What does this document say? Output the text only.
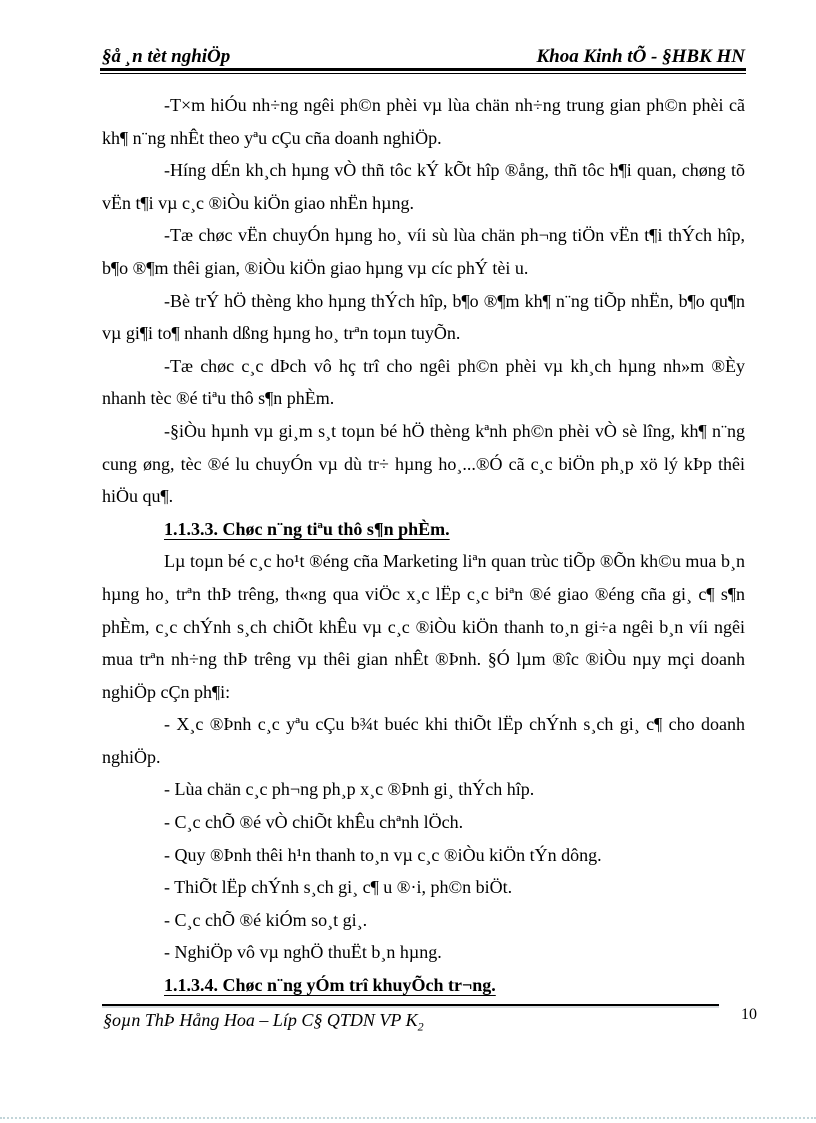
§å ¸n tèt nghiÖp	Khoa Kinh tÕ - §HBK HN

-T×m hiÓu nh÷ng ngêi ph©n phèi vµ lùa chän nh÷ng trung gian ph©n phèi cã kh¶ n¨ng nhÊt theo yªu cÇu cña doanh nghiÖp.

-Híng dÉn kh¸ch hµng vÒ thñ tôc kÝ kÕt hîp ®ång, thñ tôc h¶i quan, chøng tõ vËn t¶i vµ c¸c ®iÒu kiÖn giao nhËn hµng.

-Tæ chøc vËn chuyÓn hµng ho¸ víi sù lùa chän ph¬ng tiÖn vËn t¶i thÝch hîp, b¶o ®¶m thêi gian, ®iÒu kiÖn giao hµng vµ cíc phÝ tèi u.

-Bè trÝ hÖ thèng kho hµng thÝch hîp, b¶o ®¶m kh¶ n¨ng tiÕp nhËn, b¶o qu¶n vµ gi¶i to¶ nhanh dßng hµng ho¸ trªn toµn tuyÕn.

-Tæ chøc c¸c dÞch vô hç trî cho ngêi ph©n phèi vµ kh¸ch hµng nh»m ®Èy nhanh tèc ®é tiªu thô s¶n phÈm.

-§iÒu hµnh vµ gi¸m s¸t toµn bé hÖ thèng kªnh ph©n phèi vÒ sè lîng, kh¶ n¨ng cung øng, tèc ®é lu chuyÓn vµ dù tr÷ hµng ho¸...®Ó cã c¸c biÖn ph¸p xö lý kÞp thêi hiÖu qu¶.

1.1.3.3. Chøc n¨ng tiªu thô s¶n phÈm.

Lµ toµn bé c¸c ho¹t ®éng cña Marketing liªn quan trùc tiÕp ®Õn kh©u mua b¸n hµng ho¸ trªn thÞ trêng, th«ng qua viÖc x¸c lËp c¸c biªn ®é giao ®éng cña gi¸ c¶ s¶n phÈm, c¸c chÝnh s¸ch chiÕt khÊu vµ c¸c ®iÒu kiÖn thanh to¸n gi÷a ngêi b¸n víi ngêi mua trªn nh÷ng thÞ trêng vµ thêi gian nhÊt ®Þnh. §Ó lµm ®îc ®iÒu nµy mçi doanh nghiÖp cÇn ph¶i:

- X¸c ®Þnh c¸c yªu cÇu b¾t buéc khi thiÕt lËp chÝnh s¸ch gi¸ c¶ cho doanh nghiÖp.

- Lùa chän c¸c ph¬ng ph¸p x¸c ®Þnh gi¸ thÝch hîp.

- C¸c chÕ ®é vÒ chiÕt khÊu chªnh lÖch.

- Quy ®Þnh thêi h¹n thanh to¸n vµ c¸c ®iÒu kiÖn tÝn dông.

- ThiÕt lËp chÝnh s¸ch gi¸ c¶ u ®·i, ph©n biÖt.

- C¸c chÕ ®é kiÓm so¸t gi¸.

- NghiÖp vô vµ nghÖ thuËt b¸n hµng.

1.1.3.4. Chøc n¨ng yÓm trî khuyÕch tr¬ng.

§oµn ThÞ Hång Hoa – Líp C§ QTDN VP $K_2$
10
